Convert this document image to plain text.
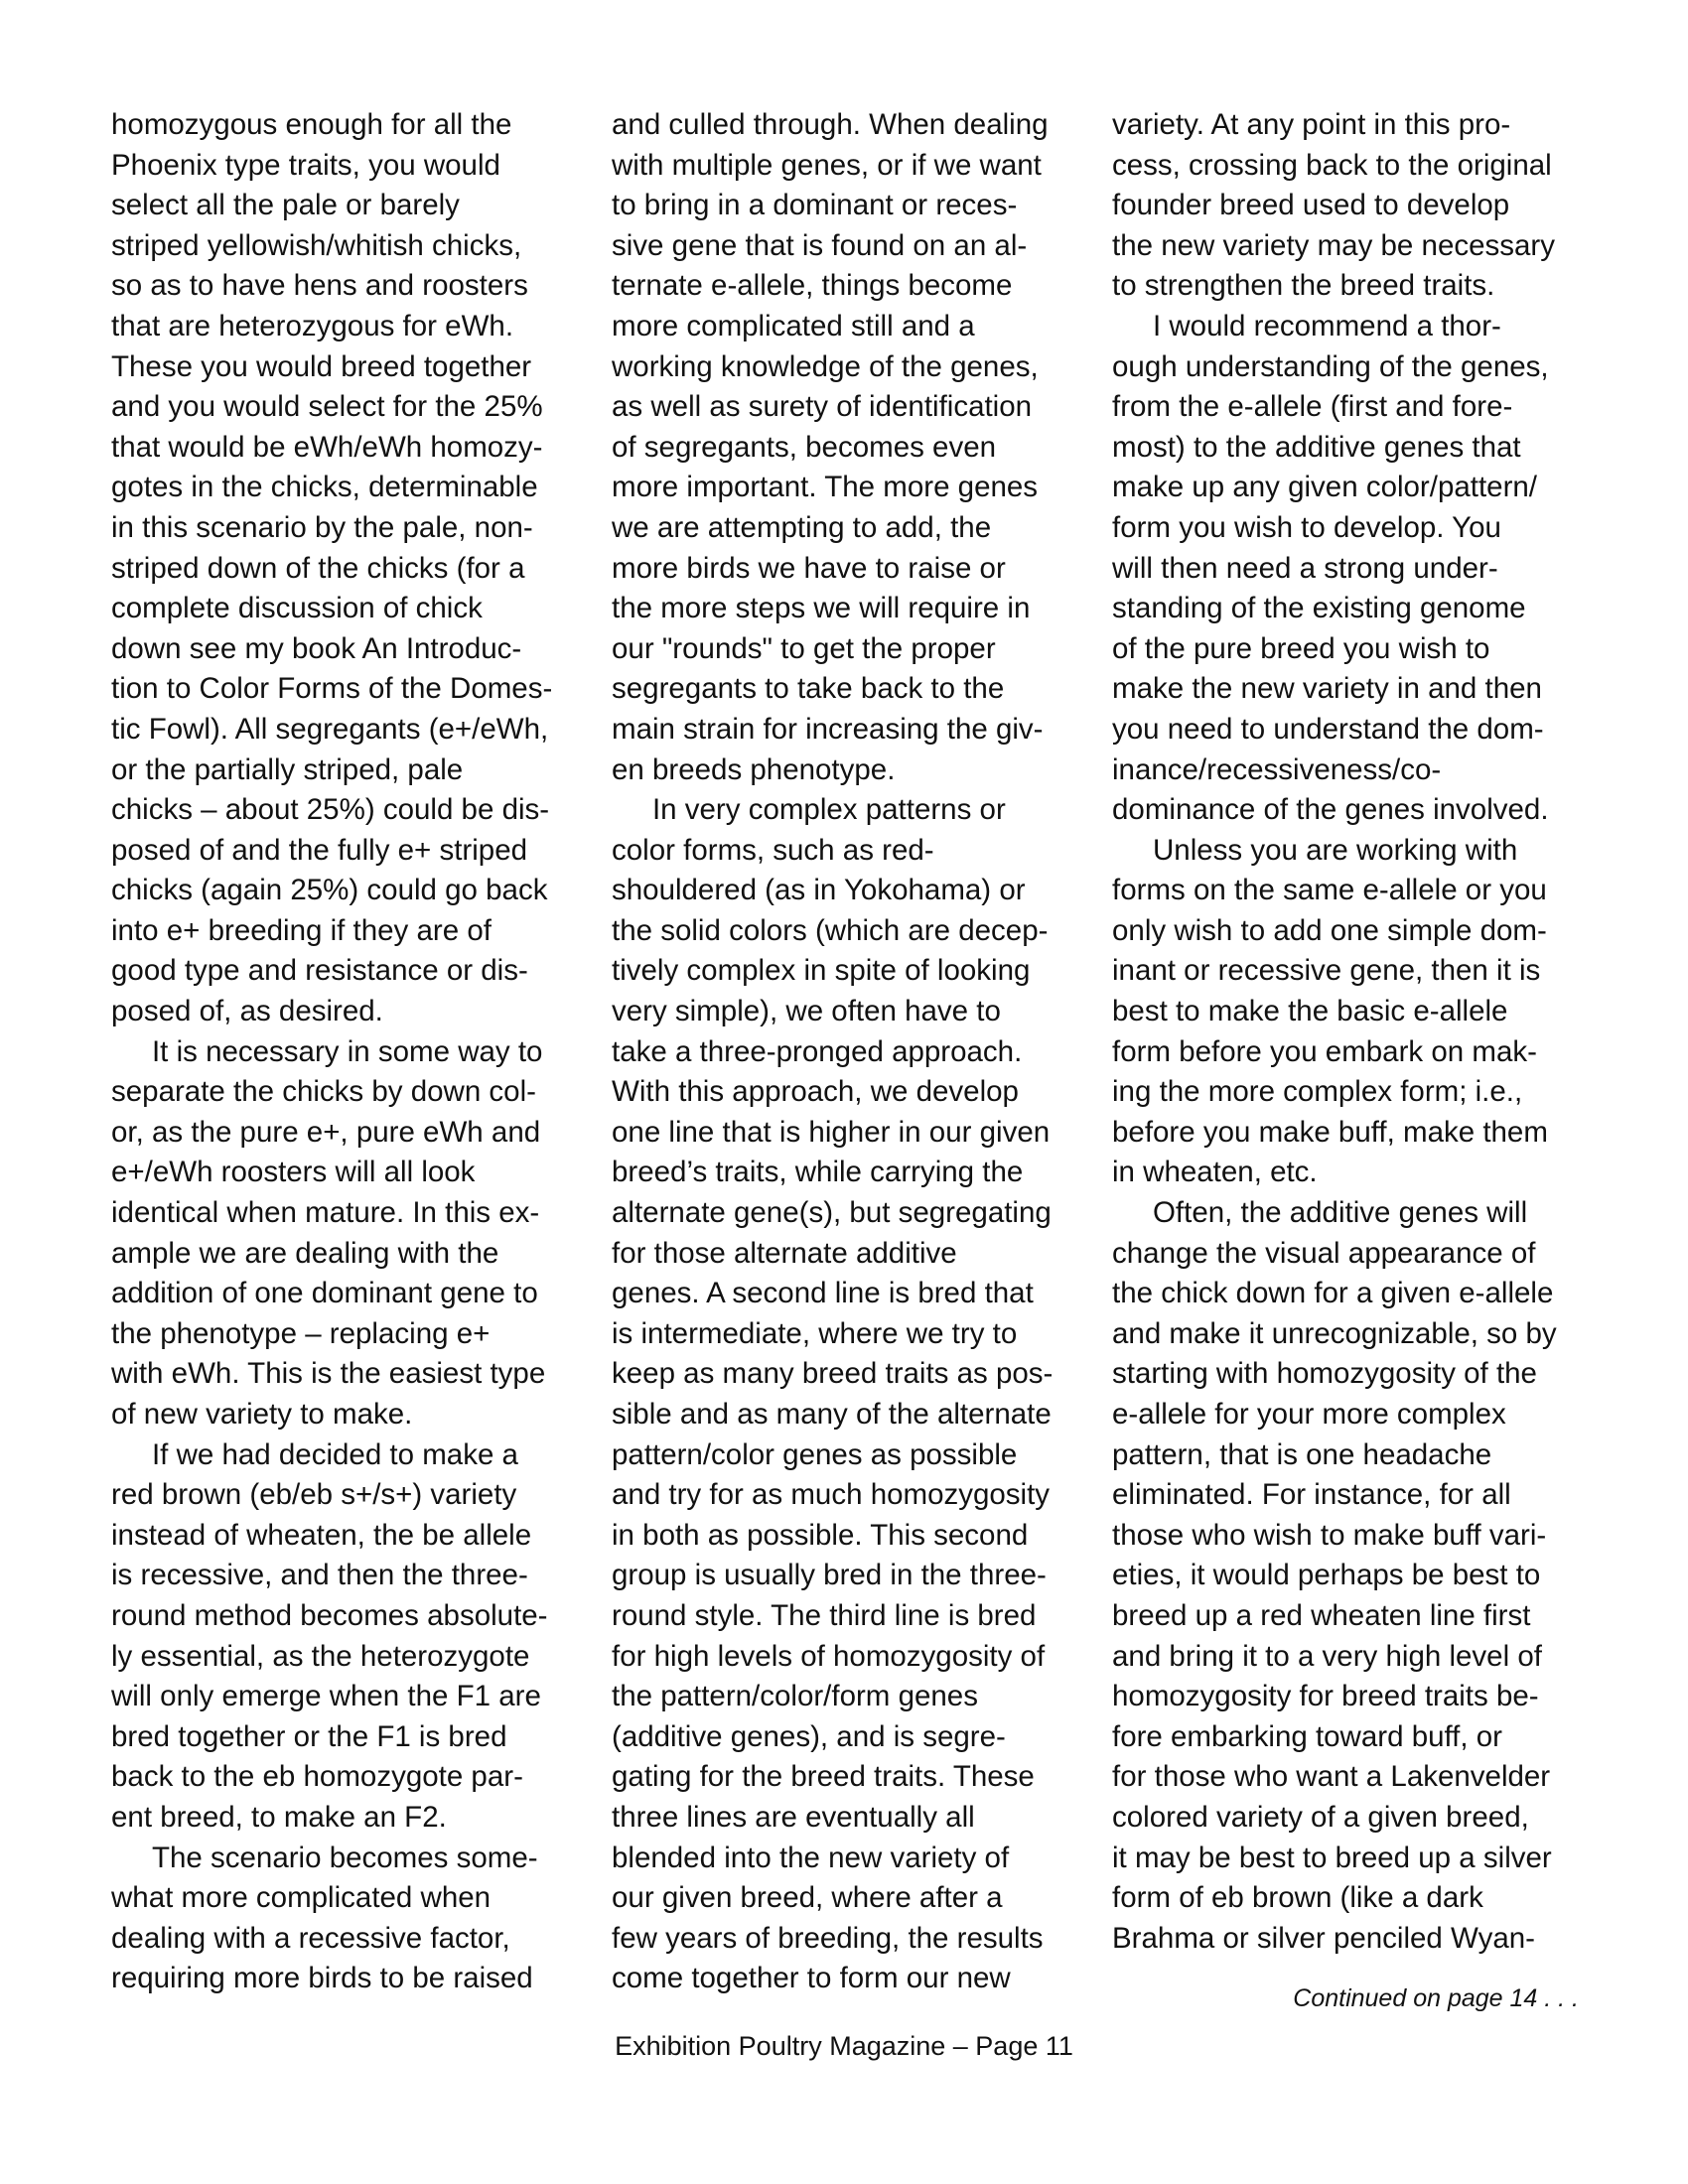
homozygous enough for all the

Phoenix type traits, you would

select all the pale or barely

striped yellowish/whitish chicks,

so as to have hens and roosters

that are heterozygous for eWh.

These you would breed together

and you would select for the 25%

that would be eWh/eWh homozy-

gotes in the chicks, determinable

in this scenario by the pale, non-

striped down of the chicks (for a

complete discussion of chick

down see my book An Introduc-

tion to Color Forms of the Domes-

tic Fowl). All segregants (e+/eWh,

or the partially striped, pale

chicks – about 25%) could be dis-

posed of and the fully e+ striped

chicks (again 25%) could go back

into e+ breeding if they are of

good type and resistance or dis-

posed of, as desired.

It is necessary in some way to

separate the chicks by down col-

or, as the pure e+, pure eWh and

e+/eWh roosters will all look

identical when mature. In this ex-

ample we are dealing with the

addition of one dominant gene to

the phenotype – replacing e+

with eWh. This is the easiest type

of new variety to make.

If we had decided to make a

red brown (eb/eb s+/s+) variety

instead of wheaten, the be allele

is recessive, and then the three-

round method becomes absolute-

ly essential, as the heterozygote

will only emerge when the F1 are

bred together or the F1 is bred

back to the eb homozygote par-

ent breed, to make an F2.

The scenario becomes some-

what more complicated when

dealing with a recessive factor,

requiring more birds to be raised

and culled through. When dealing

with multiple genes, or if we want

to bring in a dominant or reces-

sive gene that is found on an al-

ternate e-allele, things become

more complicated still and a

working knowledge of the genes,

as well as surety of identification

of segregants, becomes even

more important. The more genes

we are attempting to add, the

more birds we have to raise or

the more steps we will require in

our "rounds" to get the proper

segregants to take back to the

main strain for increasing the giv-

en breeds phenotype.

In very complex patterns or

color forms, such as red-

shouldered (as in Yokohama) or

the solid colors (which are decep-

tively complex in spite of looking

very simple), we often have to

take a three-pronged approach.

With this approach, we develop

one line that is higher in our given

breed’s traits, while carrying the

alternate gene(s), but segregating

for those alternate additive

genes. A second line is bred that

is intermediate, where we try to

keep as many breed traits as pos-

sible and as many of the alternate

pattern/color genes as possible

and try for as much homozygosity

in both as possible. This second

group is usually bred in the three-

round style. The third line is bred

for high levels of homozygosity of

the pattern/color/form genes

(additive genes), and is segre-

gating for the breed traits. These

three lines are eventually all

blended into the new variety of

our given breed, where after a

few years of breeding, the results

come together to form our new

variety. At any point in this pro-

cess, crossing back to the original

founder breed used to develop

the new variety may be necessary

to strengthen the breed traits.

I would recommend a thor-

ough understanding of the genes,

from the e-allele (first and fore-

most) to the additive genes that

make up any given color/pattern/

form you wish to develop. You

will then need a strong under-

standing of the existing genome

of the pure breed you wish to

make the new variety in and then

you need to understand the dom-

inance/recessiveness/co-

dominance of the genes involved.

Unless you are working with

forms on the same e-allele or you

only wish to add one simple dom-

inant or recessive gene, then it is

best to make the basic e-allele

form before you embark on mak-

ing the more complex form; i.e.,

before you make buff, make them

in wheaten, etc.

Often, the additive genes will

change the visual appearance of

the chick down for a given e-allele

and make it unrecognizable, so by

starting with homozygosity of the

e-allele for your more complex

pattern, that is one headache

eliminated. For instance, for all

those who wish to make buff vari-

eties, it would perhaps be best to

breed up a red wheaten line first

and bring it to a very high level of

homozygosity for breed traits be-

fore embarking toward buff, or

for those who want a Lakenvelder

colored variety of a given breed,

it may be best to breed up a silver

form of eb brown (like a dark

Brahma or silver penciled Wyan-

Continued on page 14 . . .
Exhibition Poultry Magazine – Page 11
